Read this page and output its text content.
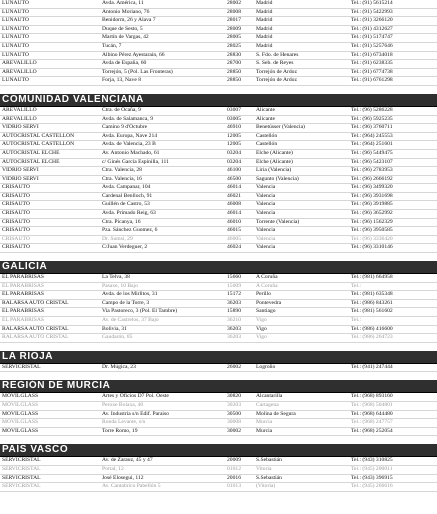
LUNAUTO	Avda. América, 11	28002	Madrid	Tel.: (91) 5615214
LUNAUTO	Antonio Moriano, 76	28008	Madrid	Tel.: (91) 5422993
LUNAUTO	Benidorm, 26 y Alava 7	28017	Madrid	Tel.: (91) 3266120
LUNAUTO	Duque de Sesto, 5	28009	Madrid	Tel.: (91) 4312627
LUNAUTO	Martín de Vargas, 42	28005	Madrid	Tel.: (91) 5174747
LUNAUTO	Tucán, 7	28025	Madrid	Tel.: (91) 5257646
LUNAUTO	Albino Pérez Ayestarain, 66	28830	S. Fdo. de Henares	Tel.: (91) 6734018
AREVALILLO	Avda de España, 60	28700	S. Seb. de Reyes	Tel.: (91) 6238335
AREVALILLO	Torrejón, 5 (Pol. Las Fronteras)	28850	Torrejón de Ardoz	Tel.: (91) 6774738
LUNAUTO	Forja, 13, Nave 8	28850	Torrejón de Ardoz	Tel.: (91) 6761298
COMUNIDAD VALENCIANA
AREVALILLO	Ctra. de Ocaña, 9	03007	Alicante	Tel.: (96) 5286228
AREVALILLO	Avda. de Salamanca, 9	03005	Alicante	Tel.: (96) 5925235
VIDRIO SERVI	Camino 9 d'Octubre	46910	Benetússer (Valencia)	Tel.: (96) 3760711
AUTOCRISTAL CASTELLÓN	Avda. Europa, Nave 214	12005	Castellón	Tel.: (964) 245553
AUTOCRISTAL CASTELLÓN	Avda. de Valencia, 23 B	12005	Castellón	Tel.: (964) 251601
AUTOCRISTAL ELCHE	Av. Antonio Machado, 61	03204	Elche (Alicante)	Tel.: (96) 5449475
AUTOCRISTAL ELCHE	c/ Ginés García Espinilla, 111	03204	Elche (Alicante)	Tel.: (96) 5423107
VIDRIO SERVI	Ctra. Valencia, 28	46100	Liria (Valencia)	Tel.: (96) 2783953
VIDRIO SERVI	Ctra. Valencia, 16	46500	Sagunto (Valencia)	Tel.: (96) 2666192
CRISAUTO	Avda. Campanar, 104	46014	Valencia	Tel.: (96) 3499320
CRISAUTO	Cardenal Benlloch, 91	46021	Valencia	Tel.: (96) 3931698
CRISAUTO	Guillén de Castro, 53	46008	Valencia	Tel.: (96) 3919885
CRISAUTO	Avda. Primado Reig, 63	46014	Valencia	Tel.: (96) 3652992
CRISAUTO	Ctra. Picanya, 16	46010	Torrente (Valencia)	Tel.: (96) 1562329
CRISAUTO	Pza. Sánchez Guomez, 6	46015	Valencia	Tel.: (96) 3950585
CRISAUTO	Dr. Sumsi, 29	46005	Valencia	Tel.: (96) 3336420
CRISAUTO	C/Juan Verdeguer, 2	46024	Valencia	Tel.: (96) 3310146
GALICIA
EL PARABRISAS	La Telva, 38	15660	A Coruña	Tel.: (981) 664958
EL PARABRISAS	Pasaxe, 10 Bajo	15009	A Coruña	Tel.:
EL PARABRISAS	Avda. de los Mirlitos, 31	15172	Perillo	Tel.: (981) 635348
RALARSA AUTO CRISTAL	Campo de la Torre, 3	36203	Pontevedra	Tel.: (986) 843261
EL PARABRISAS	Via Pastoreco, 3 (Pol. El Tambre)	15890	Santiago	Tel.: (981) 561602
EL PARABRISAS	Av. de Castrelos, 37 Bajo	36210	Vigo	Tel.:
RALARSA AUTO CRISTAL	Bolivia, 31	36203	Vigo	Tel.: (986) 416600
RALARSA AUTO CRISTAL	Gaudarón, 85	36203	Vigo	Tel.: (986) 264723
LA RIOJA
SERVICRISTAL	Dr. Múgica, 23	26002	Logroño	Tel.: (941) 247444
REGIÓN DE MURCIA
MOVILGLASS	Artes y Oficios D7 Pol. Oeste	30820	Alcantarilla	Tel.: (968) 893160
MOVILGLASS	Peroxe Bolaxa, 40	30203	Cartagena	Tel.: (968) 504801
MOVILGLASS	Av. Industria s/n Edif. Paraiso	30500	Molina de Segura	Tel.: (968) 644480
MOVILGLASS	Ronda Levante, s/n	30008	Murcia	Tel.: (968) 247757
MOVILGLASS	Torre Romo, 19	30002	Murcia	Tel.: (968) 252054
PAÍS VASCO
SERVICRISTAL	Av. de Zarauz, 45 y 47	20009	S.Sebastián	Tel.: (943) 310825
SERVICRISTAL	Portal, 12	01012	Vitoria	Tel.: (945) 200011
SERVICRISTAL	José Elosegui, 112	20016	S.Sebastián	Tel.: (943) 396915
SERVICRISTAL	Av. Cantabrico Pabellón 5	01013	(Vitoria)	Tel.: (945) 266616
